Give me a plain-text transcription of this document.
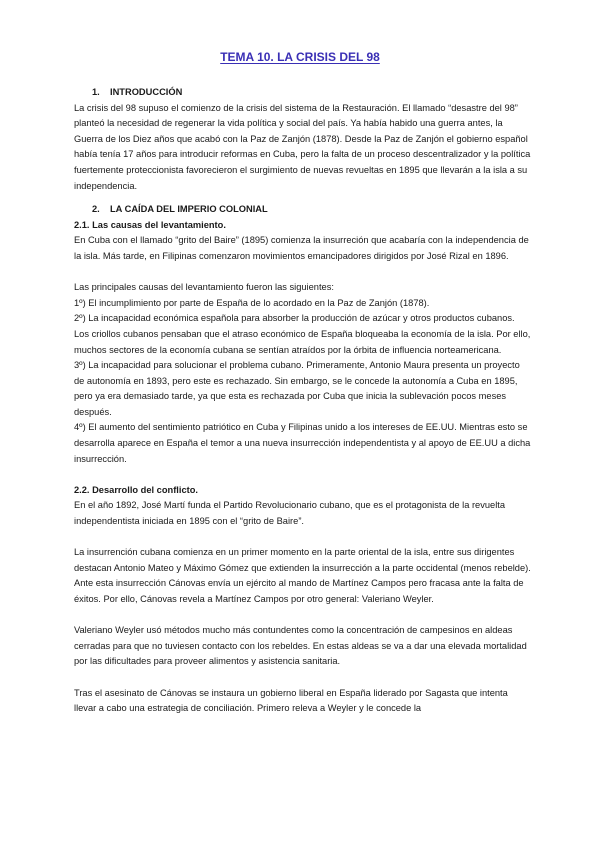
TEMA 10. LA CRISIS DEL 98

1. INTRODUCCIÓN

La crisis del 98 supuso el comienzo de la crisis del sistema de la Restauración. El llamado “desastre del 98” planteó la necesidad de regenerar la vida política y social del país. Ya había habido una guerra antes, la Guerra de los Diez años que acabó con la Paz de Zanjón (1878). Desde la Paz de Zanjón el gobierno español había tenía 17 años para introducir reformas en Cuba, pero la falta de un proceso descentralizador y la política fuertemente proteccionista favorecieron el surgimiento de nuevas revueltas en 1895 que llevarán a la isla a su independencia.

2. LA CAÍDA DEL IMPERIO COLONIAL

2.1. Las causas del levantamiento.

En Cuba con el llamado “grito del Baire” (1895) comienza la insurreción que acabaría con la independencia de la isla. Más tarde, en Filipinas comenzaron movimientos emancipadores dirigidos por José Rizal en 1896.

Las principales causas del levantamiento fueron las siguientes:

1º) El incumplimiento por parte de España de lo acordado en la Paz de Zanjón (1878).

2º) La incapacidad económica española para absorber la producción de azúcar y otros productos cubanos. Los criollos cubanos pensaban que el atraso económico de España bloqueaba la economía de la isla. Por ello, muchos sectores de la economía cubana se sentían atraídos por la órbita de influencia norteamericana.

3º) La incapacidad para solucionar el problema cubano. Primeramente, Antonio Maura presenta un proyecto de autonomía en 1893, pero este es rechazado. Sin embargo, se le concede la autonomía a Cuba en 1895, pero ya era demasiado tarde, ya que esta es rechazada por Cuba que inicia la sublevación pocos meses después.

4º) El aumento del sentimiento patriótico en Cuba y Filipinas unido a los intereses de EE.UU. Mientras esto se desarrolla aparece en España el temor a una nueva insurrección independentista y al apoyo de EE.UU a dicha insurrección.

2.2. Desarrollo del conflicto.

En el año 1892, José Martí funda el Partido Revolucionario cubano, que es el protagonista de la revuelta independentista iniciada en 1895 con el “grito de Baire”.

La insurrención cubana comienza en un primer momento en la parte oriental de la isla, entre sus dirigentes destacan Antonio Mateo y Máximo Gómez que extienden la insurrección a la parte occidental (menos rebelde). Ante esta insurrección Cánovas envía un ejército al mando de Martínez Campos pero fracasa ante la falta de éxitos. Por ello, Cánovas revela a Martínez Campos por otro general: Valeriano Weyler.

Valeriano Weyler usó métodos mucho más contundentes como la concentración de campesinos en aldeas cerradas para que no tuviesen contacto con los rebeldes. En estas aldeas se va a dar una elevada mortalidad por las dificultades para proveer alimentos y asistencia sanitaria.

Tras el asesinato de Cánovas se instaura un gobierno liberal en España liderado por Sagasta que intenta llevar a cabo una estrategia de conciliación. Primero releva a Weyler y le concede la
